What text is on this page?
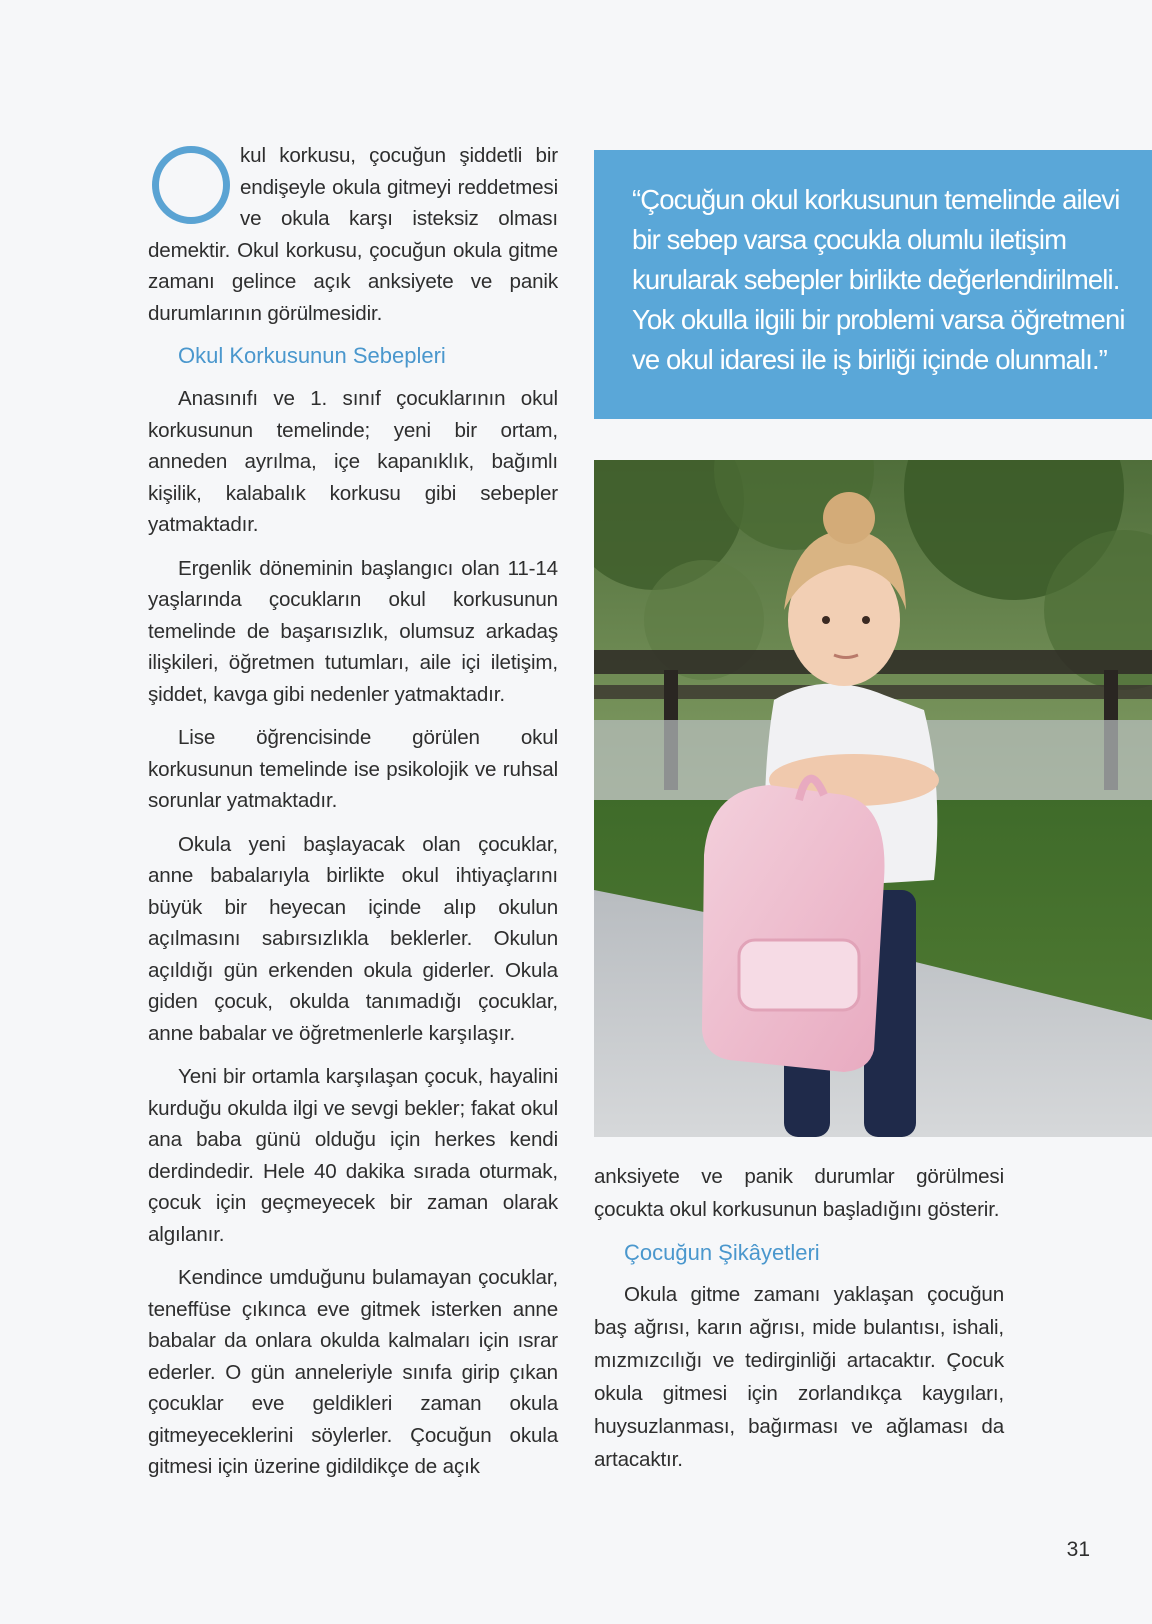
kul korkusu, çocuğun şiddetli bir endişeyle okula gitmeyi reddetmesi ve okula karşı isteksiz olması demektir. Okul korkusu, çocuğun okula gitme zamanı gelince açık anksiyete ve panik durumlarının görülmesidir.

Okul Korkusunun Sebepleri

Anasınıfı ve 1. sınıf çocuklarının okul korkusunun temelinde; yeni bir ortam, anneden ayrılma, içe kapanıklık, bağımlı kişilik, kalabalık korkusu gibi sebepler yatmaktadır.

Ergenlik döneminin başlangıcı olan 11-14 yaşlarında çocukların okul korkusunun temelinde de başarısızlık, olumsuz arkadaş ilişkileri, öğretmen tutumları, aile içi iletişim, şiddet, kavga gibi nedenler yatmaktadır.

Lise öğrencisinde görülen okul korkusunun temelinde ise psikolojik ve ruhsal sorunlar yatmaktadır.

Okula yeni başlayacak olan çocuklar, anne babalarıyla birlikte okul ihtiyaçlarını büyük bir heyecan içinde alıp okulun açılmasını sabırsızlıkla beklerler. Okulun açıldığı gün erkenden okula giderler. Okula giden çocuk, okulda tanımadığı çocuklar, anne babalar ve öğretmenlerle karşılaşır.

Yeni bir ortamla karşılaşan çocuk, hayalini kurduğu okulda ilgi ve sevgi bekler; fakat okul ana baba günü olduğu için herkes kendi derdindedir. Hele 40 dakika sırada oturmak, çocuk için geçmeyecek bir zaman olarak algılanır.

Kendince umduğunu bulamayan çocuklar, teneffüse çıkınca eve gitmek isterken anne babalar da onlara okulda kalmaları için ısrar ederler. O gün anneleriyle sınıfa girip çıkan çocuklar eve geldikleri zaman okula gitmeyeceklerini söylerler. Çocuğun okula gitmesi için üzerine gidildikçe de açık

“Çocuğun okul korkusunun temelinde ailevi bir sebep varsa çocukla olumlu iletişim kurularak sebepler birlikte değerlendirilmeli. Yok okulla ilgili bir problemi varsa öğretmeni ve okul idaresi ile iş birliği içinde olunmalı.”

anksiyete ve panik durumlar görülmesi çocukta okul korkusunun başladığını gösterir.

Çocuğun Şikâyetleri

Okula gitme zamanı yaklaşan çocuğun baş ağrısı, karın ağrısı, mide bulantısı, ishali, mızmızcılığı ve tedirginliği artacaktır. Çocuk okula gitmesi için zorlandıkça kaygıları, huysuzlanması, bağırması ve ağlaması da artacaktır.

31
